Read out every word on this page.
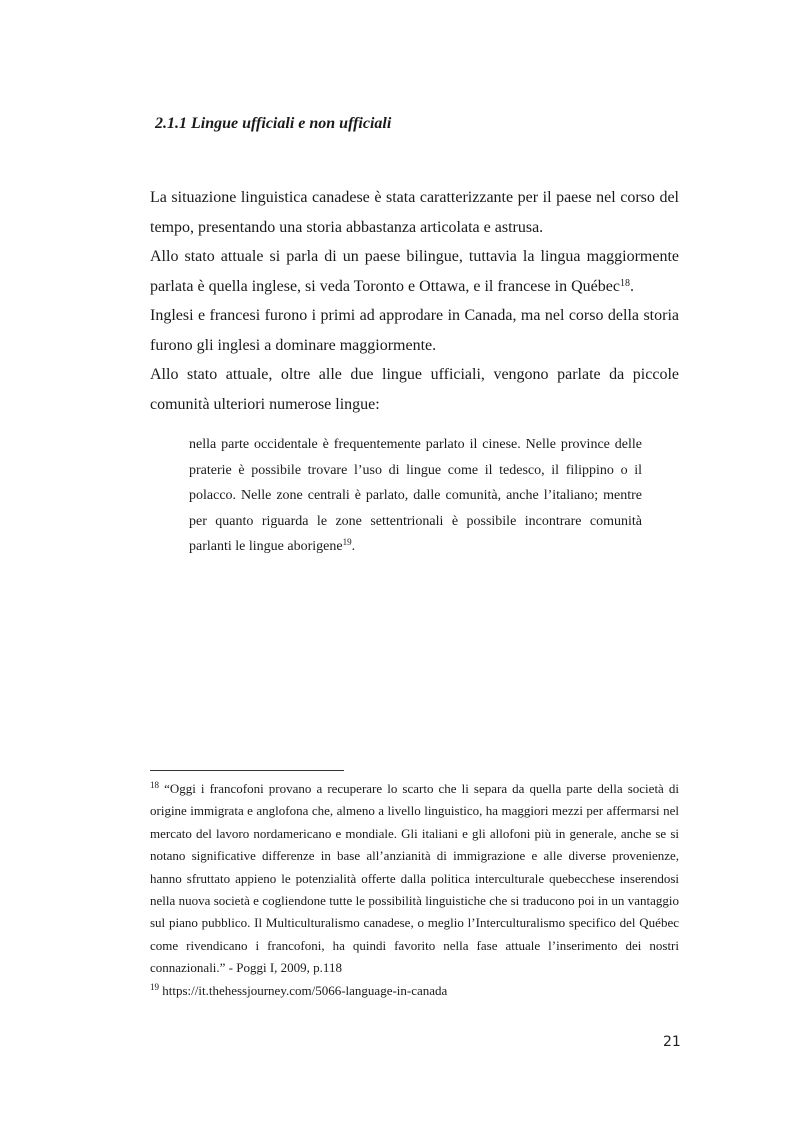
2.1.1 Lingue ufficiali e non ufficiali

La situazione linguistica canadese è stata caratterizzante per il paese nel corso del tempo, presentando una storia abbastanza articolata e astrusa.

Allo stato attuale si parla di un paese bilingue, tuttavia la lingua maggiormente parlata è quella inglese, si veda Toronto e Ottawa, e il francese in Québec$^{18}$.

Inglesi e francesi furono i primi ad approdare in Canada, ma nel corso della storia furono gli inglesi a dominare maggiormente.

Allo stato attuale, oltre alle due lingue ufficiali, vengono parlate da piccole comunità ulteriori numerose lingue:

nella parte occidentale è frequentemente parlato il cinese. Nelle province delle praterie è possibile trovare l’uso di lingue come il tedesco, il filippino o il polacco. Nelle zone centrali è parlato, dalle comunità, anche l’italiano; mentre per quanto riguarda le zone settentrionali è possibile incontrare comunità parlanti le lingue aborigene$^{19}$.

$^{18}$ “Oggi i francofoni provano a recuperare lo scarto che li separa da quella parte della società di origine immigrata e anglofona che, almeno a livello linguistico, ha maggiori mezzi per affermarsi nel mercato del lavoro nordamericano e mondiale. Gli italiani e gli allofoni più in generale, anche se si notano significative differenze in base all’anzianità di immigrazione e alle diverse provenienze, hanno sfruttato appieno le potenzialità offerte dalla politica interculturale quebecchese inserendosi nella nuova società e cogliendone tutte le possibilità linguistiche che si traducono poi in un vantaggio sul piano pubblico. Il Multiculturalismo canadese, o meglio l’Interculturalismo specifico del Québec come rivendicano i francofoni, ha quindi favorito nella fase attuale l’inserimento dei nostri connazionali.” - Poggi I, 2009, p.118

$^{19}$ https://it.thehessjourney.com/5066-language-in-canada

21
